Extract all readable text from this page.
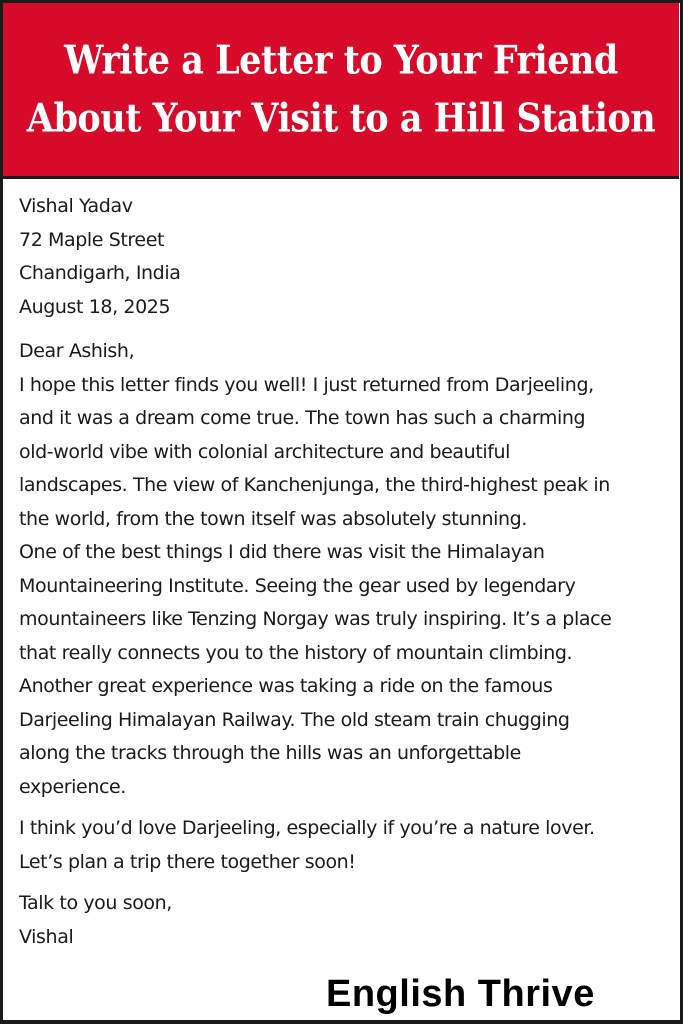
Write a Letter to Your Friend
About Your Visit to a Hill Station
Vishal Yadav
72 Maple Street
Chandigarh, India
August 18, 2025
Dear Ashish,
I hope this letter finds you well! I just returned from Darjeeling,
and it was a dream come true. The town has such a charming
old-world vibe with colonial architecture and beautiful
landscapes. The view of Kanchenjunga, the third-highest peak in
the world, from the town itself was absolutely stunning.
One of the best things I did there was visit the Himalayan
Mountaineering Institute. Seeing the gear used by legendary
mountaineers like Tenzing Norgay was truly inspiring. It’s a place
that really connects you to the history of mountain climbing.
Another great experience was taking a ride on the famous
Darjeeling Himalayan Railway. The old steam train chugging
along the tracks through the hills was an unforgettable
experience.
I think you’d love Darjeeling, especially if you’re a nature lover.
Let’s plan a trip there together soon!
Talk to you soon,
Vishal
English Thrive
